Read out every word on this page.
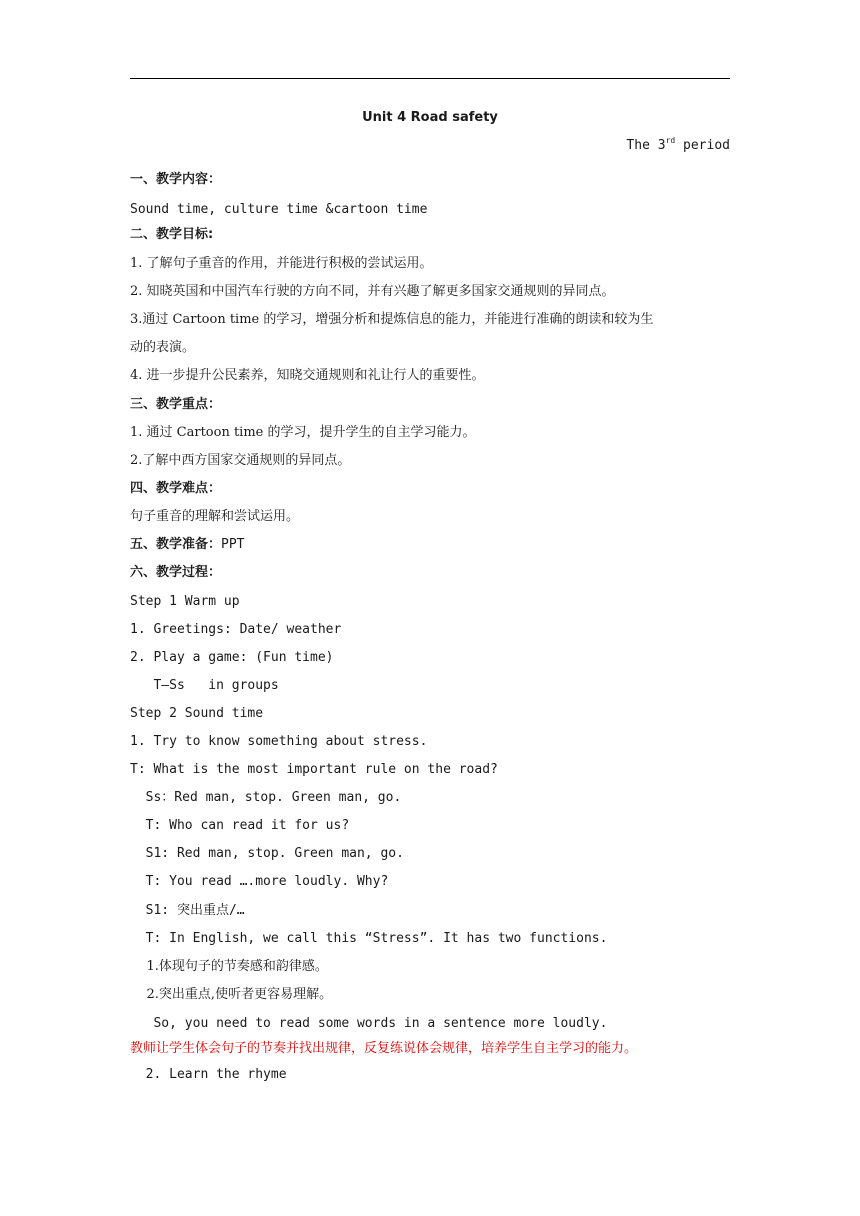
Unit 4 Road safety
The 3rd period
一、教学内容：
Sound time, culture time &cartoon time
二、教学目标:
1. 了解句子重音的作用，并能进行积极的尝试运用。
2. 知晓英国和中国汽车行驶的方向不同，并有兴趣了解更多国家交通规则的异同点。
3.通过 Cartoon time 的学习，增强分析和提炼信息的能力，并能进行准确的朗读和较为生
动的表演。
4. 进一步提升公民素养，知晓交通规则和礼让行人的重要性。
三、教学重点：
1. 通过 Cartoon time 的学习，提升学生的自主学习能力。
2.了解中西方国家交通规则的异同点。
四、教学难点：
句子重音的理解和尝试运用。
五、教学准备：PPT
六、教学过程：
Step 1 Warm up
1. Greetings: Date/ weather
2. Play a game: (Fun time)
T—Ss   in groups
Step 2 Sound time
1. Try to know something about stress.
T: What is the most important rule on the road?
Ss：Red man, stop. Green man, go.
T: Who can read it for us?
S1: Red man, stop. Green man, go.
T: You read ….more loudly. Why?
S1: 突出重点/…
T: In English, we call this “Stress”. It has two functions.
1.体现句子的节奏感和韵律感。
2.突出重点,使听者更容易理解。
So, you need to read some words in a sentence more loudly.
教师让学生体会句子的节奏并找出规律，反复练说体会规律，培养学生自主学习的能力。
2. Learn the rhyme
